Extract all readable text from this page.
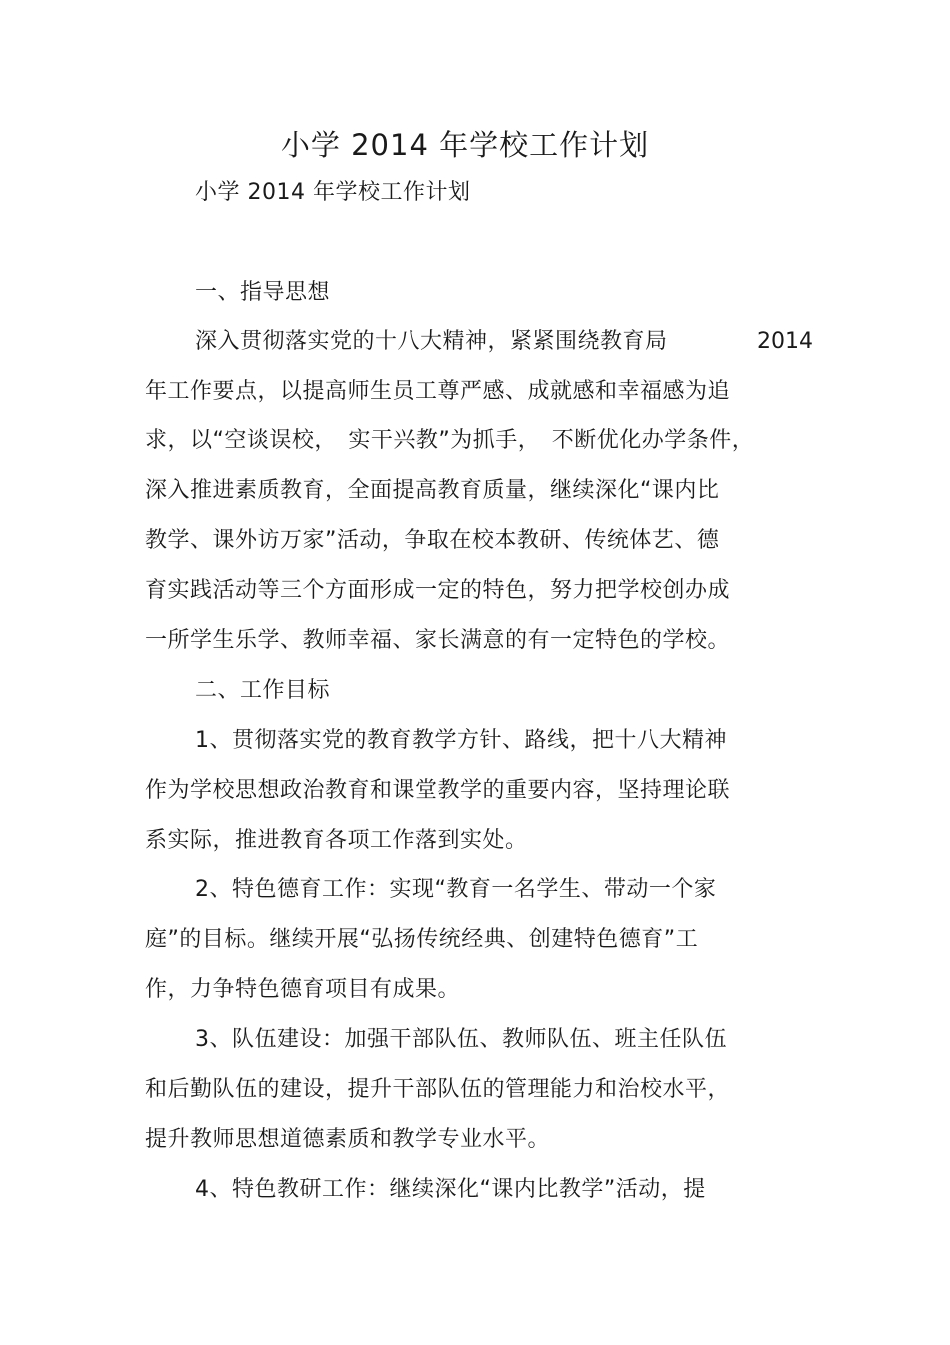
小学 2014 年学校工作计划
小学 2014 年学校工作计划
一、指导思想
深入贯彻落实党的十八大精神，紧紧围绕教育局	2014
年工作要点，以提高师生员工尊严感、成就感和幸福感为追
求，以“空谈误校，　实干兴教”为抓手，　不断优化办学条件，
深入推进素质教育，全面提高教育质量，继续深化“课内比
教学、课外访万家”活动，争取在校本教研、传统体艺、德
育实践活动等三个方面形成一定的特色，努力把学校创办成
一所学生乐学、教师幸福、家长满意的有一定特色的学校。
二、工作目标
1、贯彻落实党的教育教学方针、路线，把十八大精神
作为学校思想政治教育和课堂教学的重要内容，坚持理论联
系实际，推进教育各项工作落到实处。
2、特色德育工作：实现“教育一名学生、带动一个家
庭”的目标。继续开展“弘扬传统经典、创建特色德育”工
作，力争特色德育项目有成果。
3、队伍建设：加强干部队伍、教师队伍、班主任队伍
和后勤队伍的建设，提升干部队伍的管理能力和治校水平，
提升教师思想道德素质和教学专业水平。
4、特色教研工作：继续深化“课内比教学”活动，提
